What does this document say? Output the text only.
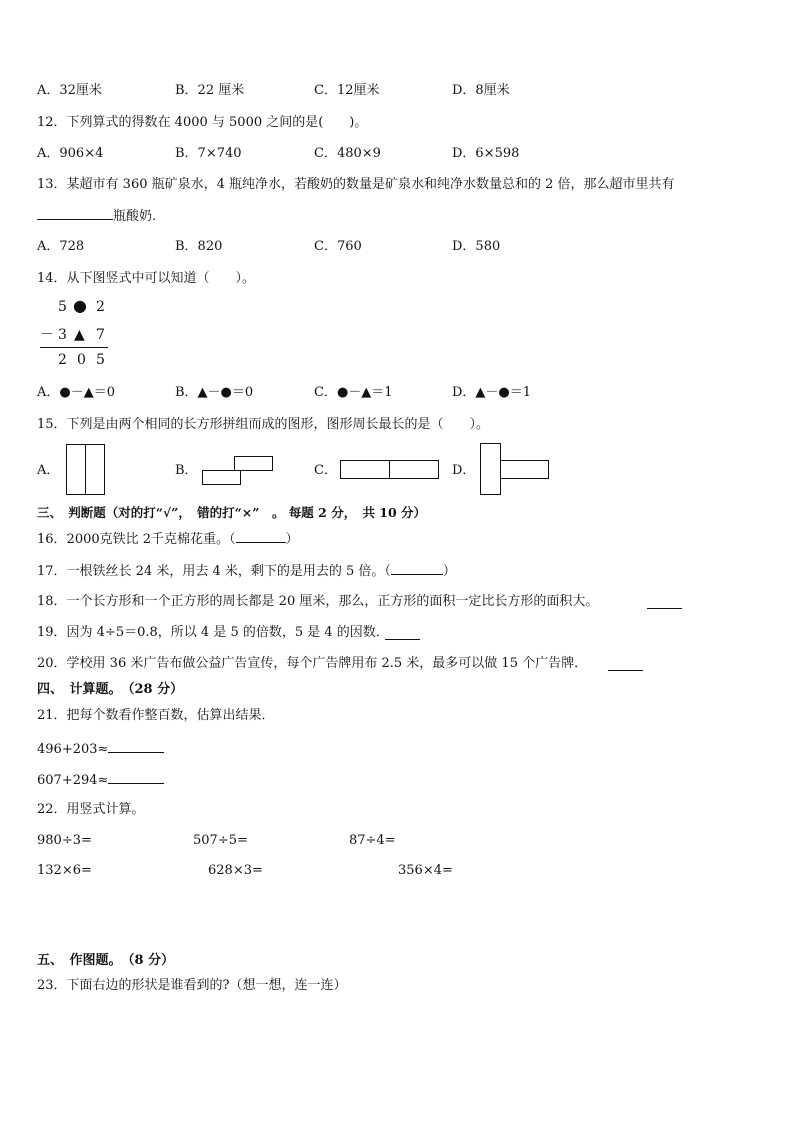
A．32厘米	B．22 厘米	C．12厘米	D．8厘米
12．下列算式的得数在 4000 与 5000 之间的是(　　)。
A．906×4	B．7×740	C．480×9	D．6×598
13．某超市有 360 瓶矿泉水，4 瓶纯净水，若酸奶的数量是矿泉水和纯净水数量总和的 2 倍，那么超市里共有
瓶酸奶.
A．728	B．820	C．760	D．580
14．从下图竖式中可以知道（　　）。
5 ● 2
－ 3 ▲ 7
2 0 5
A．●－▲＝0	B．▲－●＝0	C．●－▲＝1	D．▲－●＝1
15．下列是由两个相同的长方形拼组而成的图形，图形周长最长的是（　　）。
A．	B．	C．	D．
三、　判断题（对的打“√”，　错的打“×”　。 每题 2 分，　共 10 分）
16．2000克铁比 2千克棉花重。（	）
17．一根铁丝长 24 米，用去 4 米，剩下的是用去的 5 倍。（	）
18．一个长方形和一个正方形的周长都是 20 厘米，那么，正方形的面积一定比长方形的面积大。
19．因为 4÷5＝0.8，所以 4 是 5 的倍数，5 是 4 的因数．
20．学校用 36 米广告布做公益广告宣传，每个广告牌用布 2.5 米，最多可以做 15 个广告牌．
四、　计算题。　（28 分）
21．把每个数看作整百数，估算出结果．
496+203≈
607+294≈
22．用竖式计算。
980÷3=	507÷5=	87÷4=
132×6=	628×3=	356×4=
五、　作图题。　（8 分）
23．下面右边的形状是谁看到的?（想一想，连一连）
